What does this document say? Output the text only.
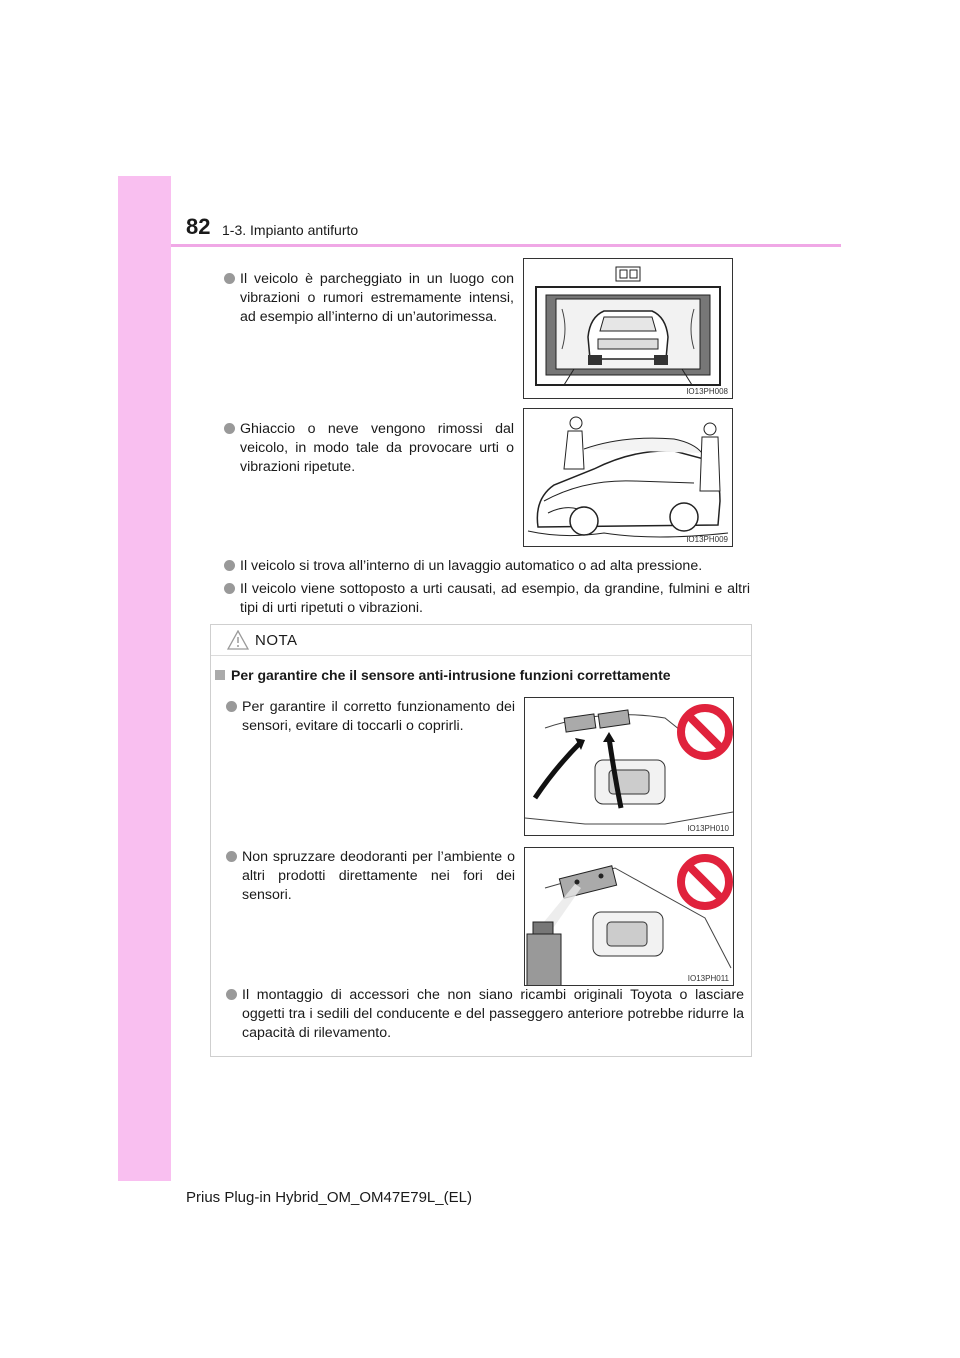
82 1-3. Impianto antifurto
Il veicolo è parcheggiato in un luogo con vibrazioni o rumori estremamente intensi, ad esempio all’interno di un’autorimessa.
IO13PH008
Ghiaccio o neve vengono rimossi dal veicolo, in modo tale da provocare urti o vibrazioni ripetute.
IO13PH009
Il veicolo si trova all’interno di un lavaggio automatico o ad alta pressione.
Il veicolo viene sottoposto a urti causati, ad esempio, da grandine, fulmini e altri tipi di urti ripetuti o vibrazioni.
NOTA
Per garantire che il sensore anti-intrusione funzioni correttamente
Per garantire il corretto funzionamento dei sensori, evitare di toccarli o coprirli.
IO13PH010
Non spruzzare deodoranti per l’ambiente o altri prodotti direttamente nei fori dei sensori.
IO13PH011
Il montaggio di accessori che non siano ricambi originali Toyota o lasciare oggetti tra i sedili del conducente e del passeggero anteriore potrebbe ridurre la capacità di rilevamento.
Prius Plug-in Hybrid_OM_OM47E79L_(EL)
